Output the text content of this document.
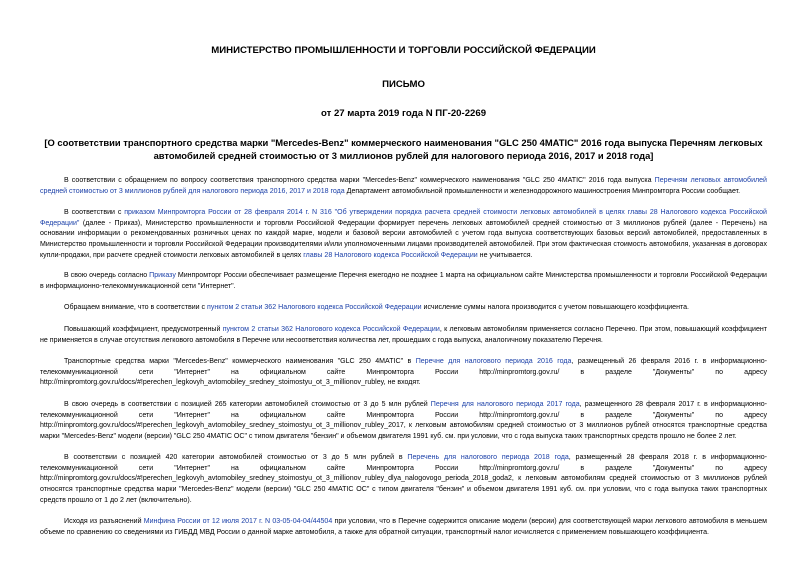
МИНИСТЕРСТВО ПРОМЫШЛЕННОСТИ И ТОРГОВЛИ РОССИЙСКОЙ ФЕДЕРАЦИИ
ПИСЬМО
от 27 марта 2019 года N ПГ-20-2269
[О соответствии транспортного средства марки "Mercedes-Benz" коммерческого наименования "GLC 250 4MATIC" 2016 года выпуска Перечням легковых автомобилей средней стоимостью от 3 миллионов рублей для налогового периода 2016, 2017 и 2018 года]

В соответствии с обращением по вопросу соответствия транспортного средства марки "Mercedes-Benz" коммерческого наименования "GLC 250 4MATIC" 2016 года выпуска Перечням легковых автомобилей средней стоимостью от 3 миллионов рублей для налогового периода 2016, 2017 и 2018 года Департамент автомобильной промышленности и железнодорожного машиностроения Минпромторга России сообщает.

В соответствии с приказом Минпромторга России от 28 февраля 2014 г. N 316 "Об утверждении порядка расчета средней стоимости легковых автомобилей в целях главы 28 Налогового кодекса Российской Федерации" (далее - Приказ), Министерство промышленности и торговли Российской Федерации формирует перечень легковых автомобилей средней стоимостью от 3 миллионов рублей (далее - Перечень) на основании информации о рекомендованных розничных ценах по каждой марке, модели и базовой версии автомобилей с учетом года выпуска соответствующих базовых версий автомобилей, предоставленных в Министерство промышленности и торговли Российской Федерации производителями и/или уполномоченными лицами производителей автомобилей. При этом фактическая стоимость автомобиля, указанная в договорах купли-продажи, при расчете средней стоимости легковых автомобилей в целях главы 28 Налогового кодекса Российской Федерации не учитывается.

В свою очередь согласно Приказу Минпромторг России обеспечивает размещение Перечня ежегодно не позднее 1 марта на официальном сайте Министерства промышленности и торговли Российской Федерации в информационно-телекоммуникационной сети "Интернет".

Обращаем внимание, что в соответствии с пунктом 2 статьи 362 Налогового кодекса Российской Федерации исчисление суммы налога производится с учетом повышающего коэффициента.

Повышающий коэффициент, предусмотренный пунктом 2 статьи 362 Налогового кодекса Российской Федерации, к легковым автомобилям применяется согласно Перечню. При этом, повышающий коэффициент не применяется в случае отсутствия легкового автомобиля в Перечне или несоответствия количества лет, прошедших с года выпуска, аналогичному показателю Перечня.

Транспортные средства марки "Mercedes-Benz" коммерческого наименования "GLC 250 4MATIC" в Перечне для налогового периода 2016 года, размещенный 26 февраля 2016 г. в информационно-телекоммуникационной сети "Интернет" на официальном сайте Минпромторга России http://minpromtorg.gov.ru/ в разделе "Документы" по адресу http://minpromtorg.gov.ru/docs/#!perechen_legkovyh_avtomobiley_sredney_stoimostyu_ot_3_millionov_rubley, не входят.

В свою очередь в соответствии с позицией 265 категории автомобилей стоимостью от 3 до 5 млн рублей Перечня для налогового периода 2017 года, размещенного 28 февраля 2017 г. в информационно-телекоммуникационной сети "Интернет" на официальном сайте Минпромторга России http://minpromtorg.gov.ru/ в разделе "Документы" по адресу http://minpromtorg.gov.ru/docs/#!perechen_legkovyh_avtomobiley_sredney_stoimostyu_ot_3_millionov_rubley_2017, к легковым автомобилям средней стоимостью от 3 миллионов рублей относятся транспортные средства марки "Mercedes-Benz" модели (версии) "GLC 250 4MATIC OC" с типом двигателя "бензин" и объемом двигателя 1991 куб. см. при условии, что с года выпуска таких транспортных средств прошло не более 2 лет.

В соответствии с позицией 420 категории автомобилей стоимостью от 3 до 5 млн рублей в Перечень для налогового периода 2018 года, размещенный 28 февраля 2018 г. в информационно-телекоммуникационной сети "Интернет" на официальном сайте Минпромторга России http://minpromtorg.gov.ru/ в разделе "Документы" по адресу http://minpromtorg.gov.ru/docs/#!perechen_legkovyh_avtomobiley_sredney_stoimostyu_ot_3_millionov_rubley_dlya_nalogovogo_perioda_2018_goda2, к легковым автомобилям средней стоимостью от 3 миллионов рублей относятся транспортные средства марки "Mercedes-Benz" модели (версии) "GLC 250 4MATIC OC" с типом двигателя "бензин" и объемом двигателя 1991 куб. см. при условии, что с года выпуска таких транспортных средств прошло от 1 до 2 лет (включительно).

Исходя из разъяснений Минфина России от 12 июля 2017 г. N 03-05-04-04/44504 при условии, что в Перечне содержится описание модели (версии) для соответствующей марки легкового автомобиля в меньшем объеме по сравнению со сведениями из ГИБДД МВД России о данной марке автомобиля, а также для обратной ситуации, транспортный налог исчисляется с применением повышающего коэффициента.
